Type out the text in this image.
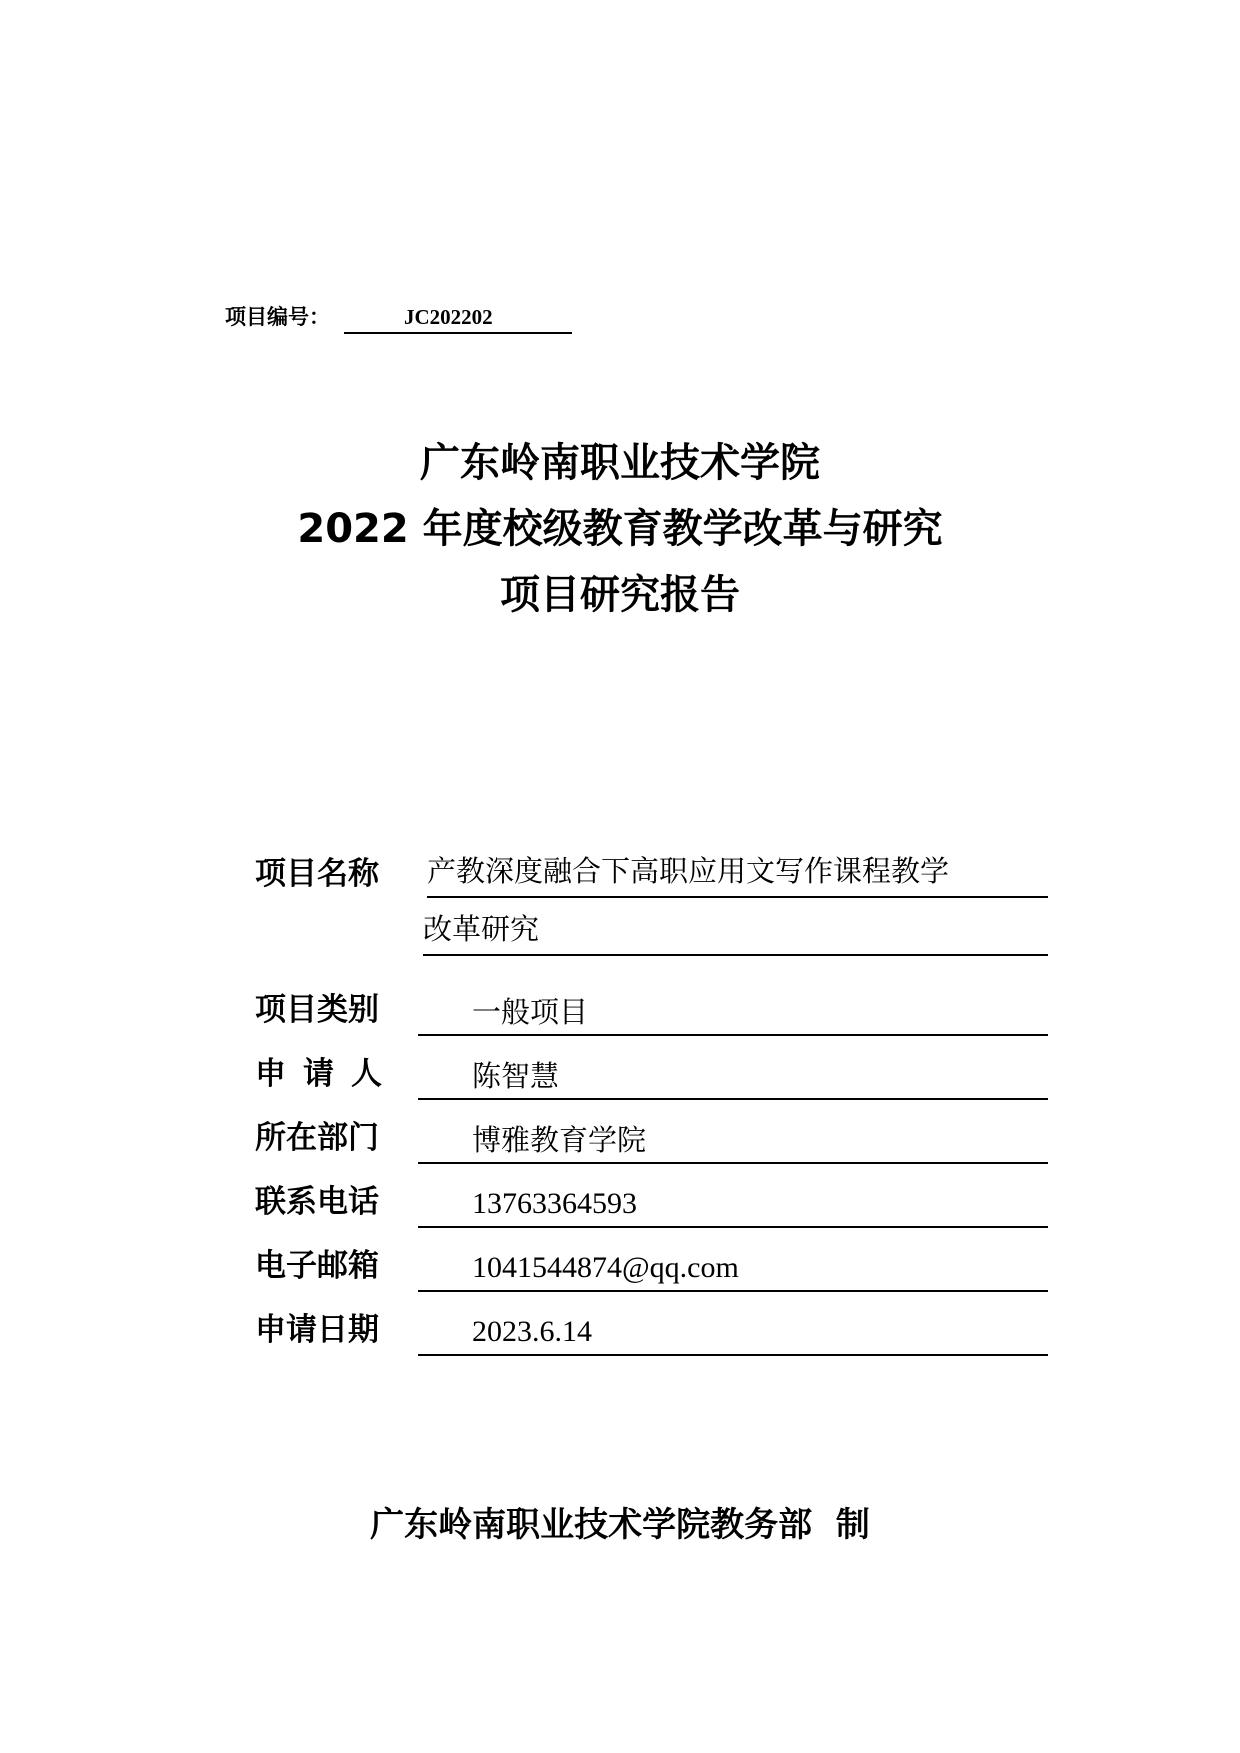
项目编号：	JC202202
广东岭南职业技术学院
2022 年度校级教育教学改革与研究
项目研究报告
项目名称 产教深度融合下高职应用文写作课程教学
改革研究
项目类别	一般项目
申请人	陈智慧
所在部门	博雅教育学院
联系电话	13763364593
电子邮箱	1041544874@qq.com
申请日期	2023.6.14
广东岭南职业技术学院教务部  制
